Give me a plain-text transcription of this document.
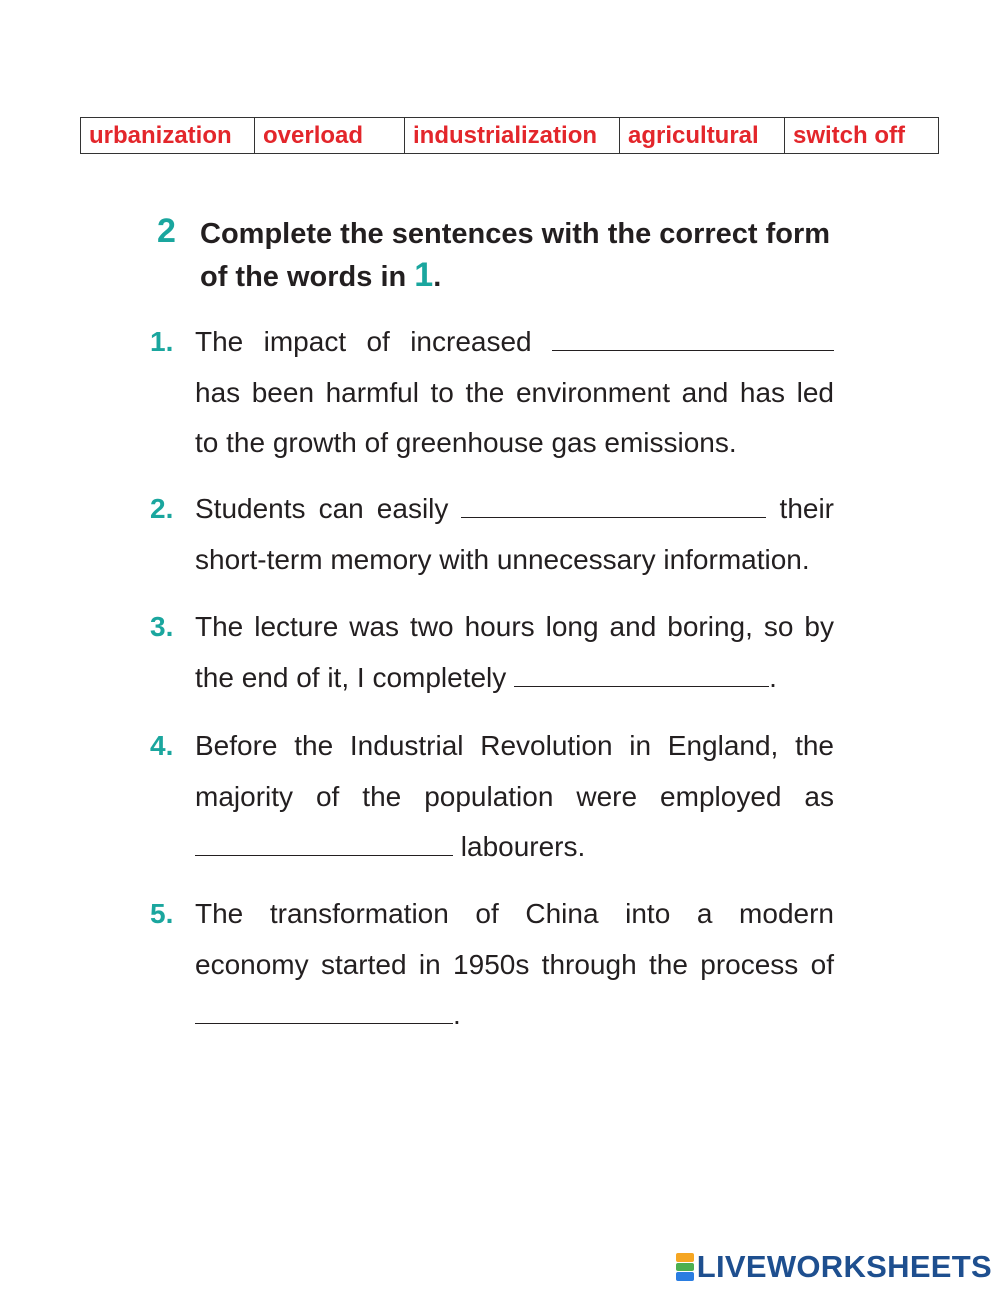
urbanization	overload	industrialization	agricultural	switch off
2 Complete the sentences with the correct form of the words in 1.
1. The impact of increased  has been harmful to the environment and has led to the growth of greenhouse gas emissions.
2. Students can easily	their short-term memory with unnecessary information.
3. The lecture was two hours long and boring, so by the end of it, I completely	.
4. Before the Industrial Revolution in England, the majority of the population were employed as  labourers.
5. The transformation of China into a modern economy started in 1950s through the process of .
LIVEWORKSHEETS
